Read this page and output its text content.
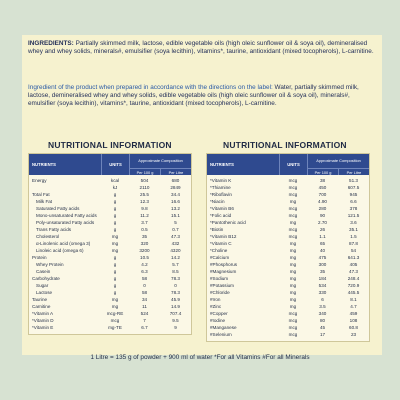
INGREDIENTS: Partially skimmed milk, lactose, edible vegetable oils (high oleic sunflower oil & soya oil), demineralised whey and whey solids, minerals#, emulsifier (soya lecithin), vitamins*, taurine, antioxidant (mixed tocopherols), L-carnitine.

Ingredient of the product when prepared in accordance with the directions on the label: Water, partially skimmed milk, lactose, demineralised whey and whey solids, edible vegetable oils (high oleic sunflower oil & soya oil), minerals#, emulsifier (soya lecithin), vitamins*, taurine, antioxidant (mixed tocopherols), L-carnitine.

NUTRITIONAL INFORMATION	NUTRITIONAL INFORMATION
NUTRIENTS	UNITS
Approximate Composition
Per 100 g	Per Litre
Energy	kcal	504	680
kJ	2110	2849
Total Fat	g	25.5	34.4
Milk Fat	g	12.3	16.6
Saturated Fatty acids	g	9.8	13.2
Mono-unsaturated Fatty acids	g	11.2	15.1
Poly-unsaturated Fatty acids	g	3.7	5
Trans Fatty acids	g	0.5	0.7
Cholesterol	mg	35	47.3
α-Linolenic acid (omega 3)	mg	320	432
Linoleic acid (omega 6)	mg	3200	4320
Protein	g	10.5	14.2
Whey Protein	g	4.2	5.7
Casein	g	6.3	8.5
Carbohydrate	g	58	78.3
Sugar	g	0	0
Lactose	g	58	78.3
Taurine	mg	34	45.9
Carnitine	mg	11	14.9
*Vitamin A	mcg-RE	524	707.4
*Vitamin D	mcg	7	9.5
*Vitamin E	mg-TE	6.7	9
NUTRIENTS	UNITS
Approximate Composition
Per 100 g	Per Litre
*Vitamin K	mcg	38	51.3
*Thiamine	mcg	450	607.5
*Riboflavin	mcg	700	945
*Niacin	mg	4.90	6.6
*Vitamin B6	mcg	280	378
*Folic acid	mcg	90	121.5
*Pantothenic acid	mg	2.70	3.6
*Biotin	mcg	26	35.1
*Vitamin B12	mcg	1.1	1.5
*Vitamin C	mg	65	87.8
*Choline	mg	40	54
#Calcium	mg	475	641.3
#Phosphorus	mg	300	405
#Magnesium	mg	35	47.3
#Sodium	mg	184	248.4
#Potassium	mg	534	720.9
#Chloride	mg	330	445.5
#Iron	mg	6	8.1
#Zinc	mg	3.5	4.7
#Copper	mcg	340	459
#Iodine	mcg	80	108
#Manganese	mcg	45	60.8
#Selenium	mcg	17	23
1 Litre = 135 g of powder + 900 ml of water *For all Vitamins #For all Minerals
